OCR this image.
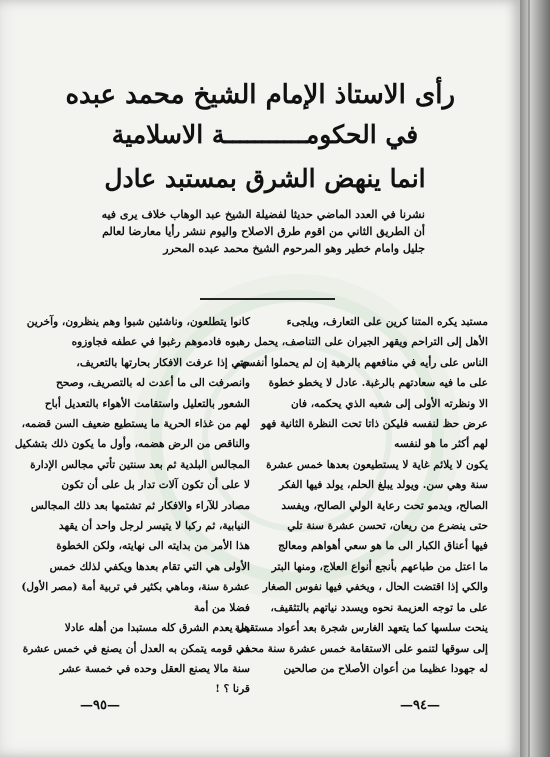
رأى الاستاذ الإمام الشيخ محمد عبده
في الحكومـــــــــــة الاسلامية
انما ينهض الشرق بمستبد عادل
نشرنا في العدد الماضي حديثا لفضيلة الشيخ عبد الوهاب خلاف يرى فيه أن الطريق الثاني من اقوم طرق الاصلاح واليوم ننشر رأيا معارضا لعالم جليل وامام خطير وهو المرحوم الشيخ محمد عبده المحرر

مستبد يكره المتنا كرين على التعارف، ويلجىء

الأهل إلى التراحم ويقهر الجيران على التناصف، يحمل

الناس على رأيه في منافعهم بالرهبة إن لم يحملوا أنفسهم

على ما فيه سعادتهم بالرغبة. عادل لا يخطو خطوة

الا ونظرته الأولى إلى شعبه الذي يحكمه، فان

عرض حظ لنفسه فليكن ذاتا تحت النظرة الثانية فهو

لهم أكثر ما هو لنفسه

يكون لا يلائم غاية لا يستطيعون بعدها خمس عشرة

سنة وهي سن. ويولد يبلغ الحلم، يولد فيها الفكر

الصالح، ويدمو تحت رعاية الولي الصالح، ويفسد

حتى ينضرع من ريعان، تحسن عشرة سنة تلي

فيها أعناق الكبار الى ما هو سعي أهواهم ومعالج

ما اعتل من طباعهم بأنجع أنواع العلاج، ومنها البتر

والكي إذا اقتضت الحال ، ويخفي فيها نفوس الصغار

على ما توجه العزيمة نحوه ويسدد نياتهم بالتثقيف،

ينحت سلسها كما يتعهد الغارس شجرة بعد أعواد مستقيمة

إلى سوقها لتنمو على الاستقامة خمس عشرة سنة محمد

له جهودا عظيما من أعوان الأصلاح من صالحين

كانوا يتطلعون، وناشئين شبوا وهم ينظرون، وآخرين

رهبوه فادموهم رغبوا في عطفه فجاوزوه

حتي إذا عرفت الافكار بحارتها بالتعريف،

وانصرفت الى ما أعدت له بالتصريف، وصحح

الشعور بالتعليل واستقامت الأهواء بالتعديل أباح

لهم من غذاء الحرية ما يستطيع ضعيف السن قضمه،

والناقص من الرض هضمه، وأول ما يكون ذلك بتشكيل

المجالس البلدية ثم بعد سنتين تأتي مجالس الإدارة

لا على أن تكون آلات تدار بل على أن تكون

مصادر للآراء والافكار ثم تشتمها بعد ذلك المجالس

النيابية، ثم ركبا لا يتيسر لرجل واحد أن يقهد

هذا الأمر من بدايته الى نهايته، ولكن الخطوة

الأولى هي التي تقام بعدها ويكفي لذلك خمس

عشرة سنة، وماهي بكثير في تربية أمة (مصر الأول)

فضلا من أمة

هل يعدم الشرق كله مستبدا من أهله عادلا

في قومه يتمكن به العدل أن يصنع في خمس عشرة

سنة مالا يصنع العقل وحده في خمسة عشر

قرنا ؟ !

—٩٤—
—٩٥—
